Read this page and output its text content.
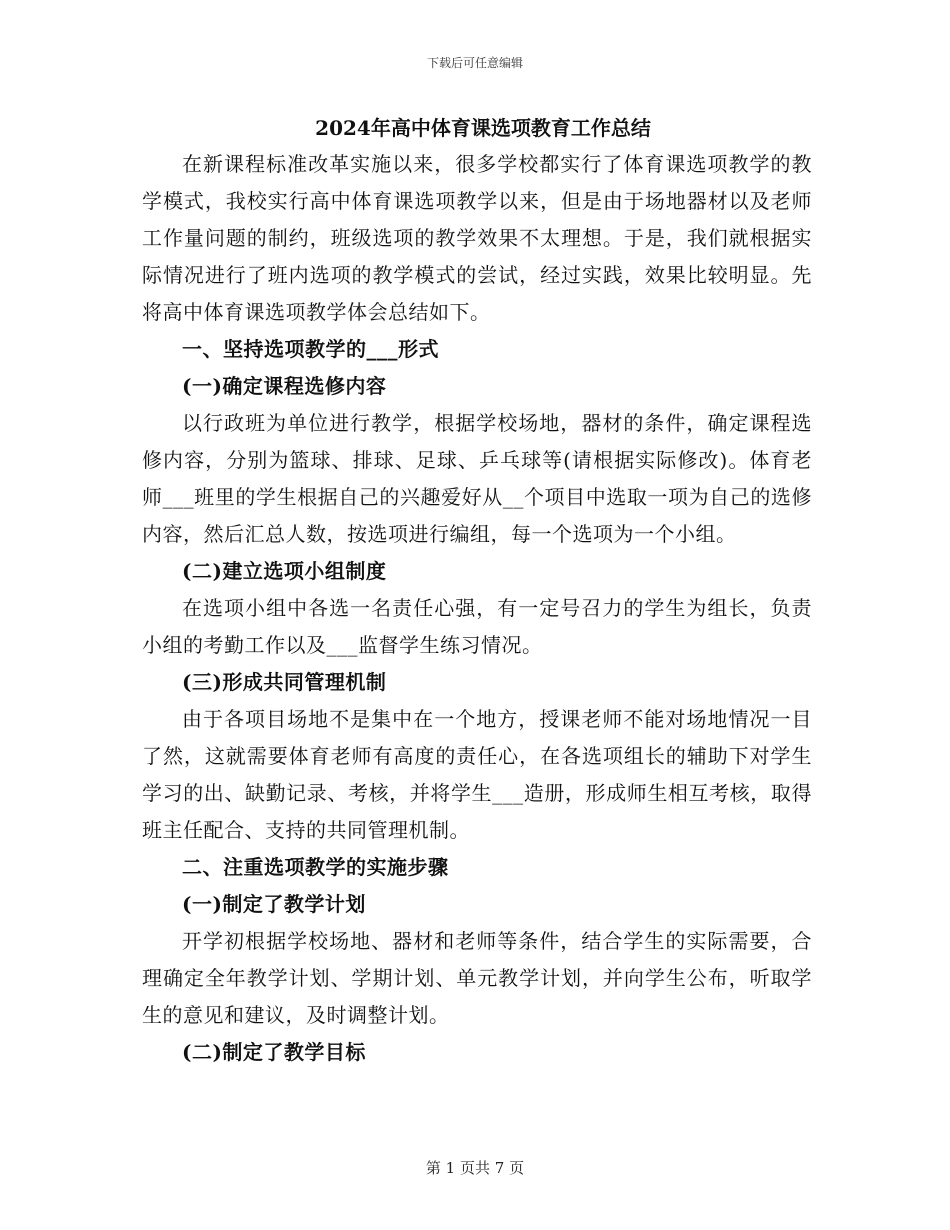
下载后可任意编辑
2024年高中体育课选项教育工作总结

在新课程标准改革实施以来，很多学校都实行了体育课选项教学的教学模式，我校实行高中体育课选项教学以来，但是由于场地器材以及老师工作量问题的制约，班级选项的教学效果不太理想。于是，我们就根据实际情况进行了班内选项的教学模式的尝试，经过实践，效果比较明显。先将高中体育课选项教学体会总结如下。

一、坚持选项教学的___形式

(一)确定课程选修内容

以行政班为单位进行教学，根据学校场地，器材的条件，确定课程选修内容，分别为篮球、排球、足球、乒乓球等(请根据实际修改)。体育老师___班里的学生根据自己的兴趣爱好从__个项目中选取一项为自己的选修内容，然后汇总人数，按选项进行编组，每一个选项为一个小组。

(二)建立选项小组制度

在选项小组中各选一名责任心强，有一定号召力的学生为组长，负责小组的考勤工作以及___监督学生练习情况。

(三)形成共同管理机制

由于各项目场地不是集中在一个地方，授课老师不能对场地情况一目了然，这就需要体育老师有高度的责任心，在各选项组长的辅助下对学生学习的出、缺勤记录、考核，并将学生___造册，形成师生相互考核，取得班主任配合、支持的共同管理机制。

二、注重选项教学的实施步骤

(一)制定了教学计划

开学初根据学校场地、器材和老师等条件，结合学生的实际需要，合理确定全年教学计划、学期计划、单元教学计划，并向学生公布，听取学生的意见和建议，及时调整计划。

(二)制定了教学目标

第 1 页共 7 页
